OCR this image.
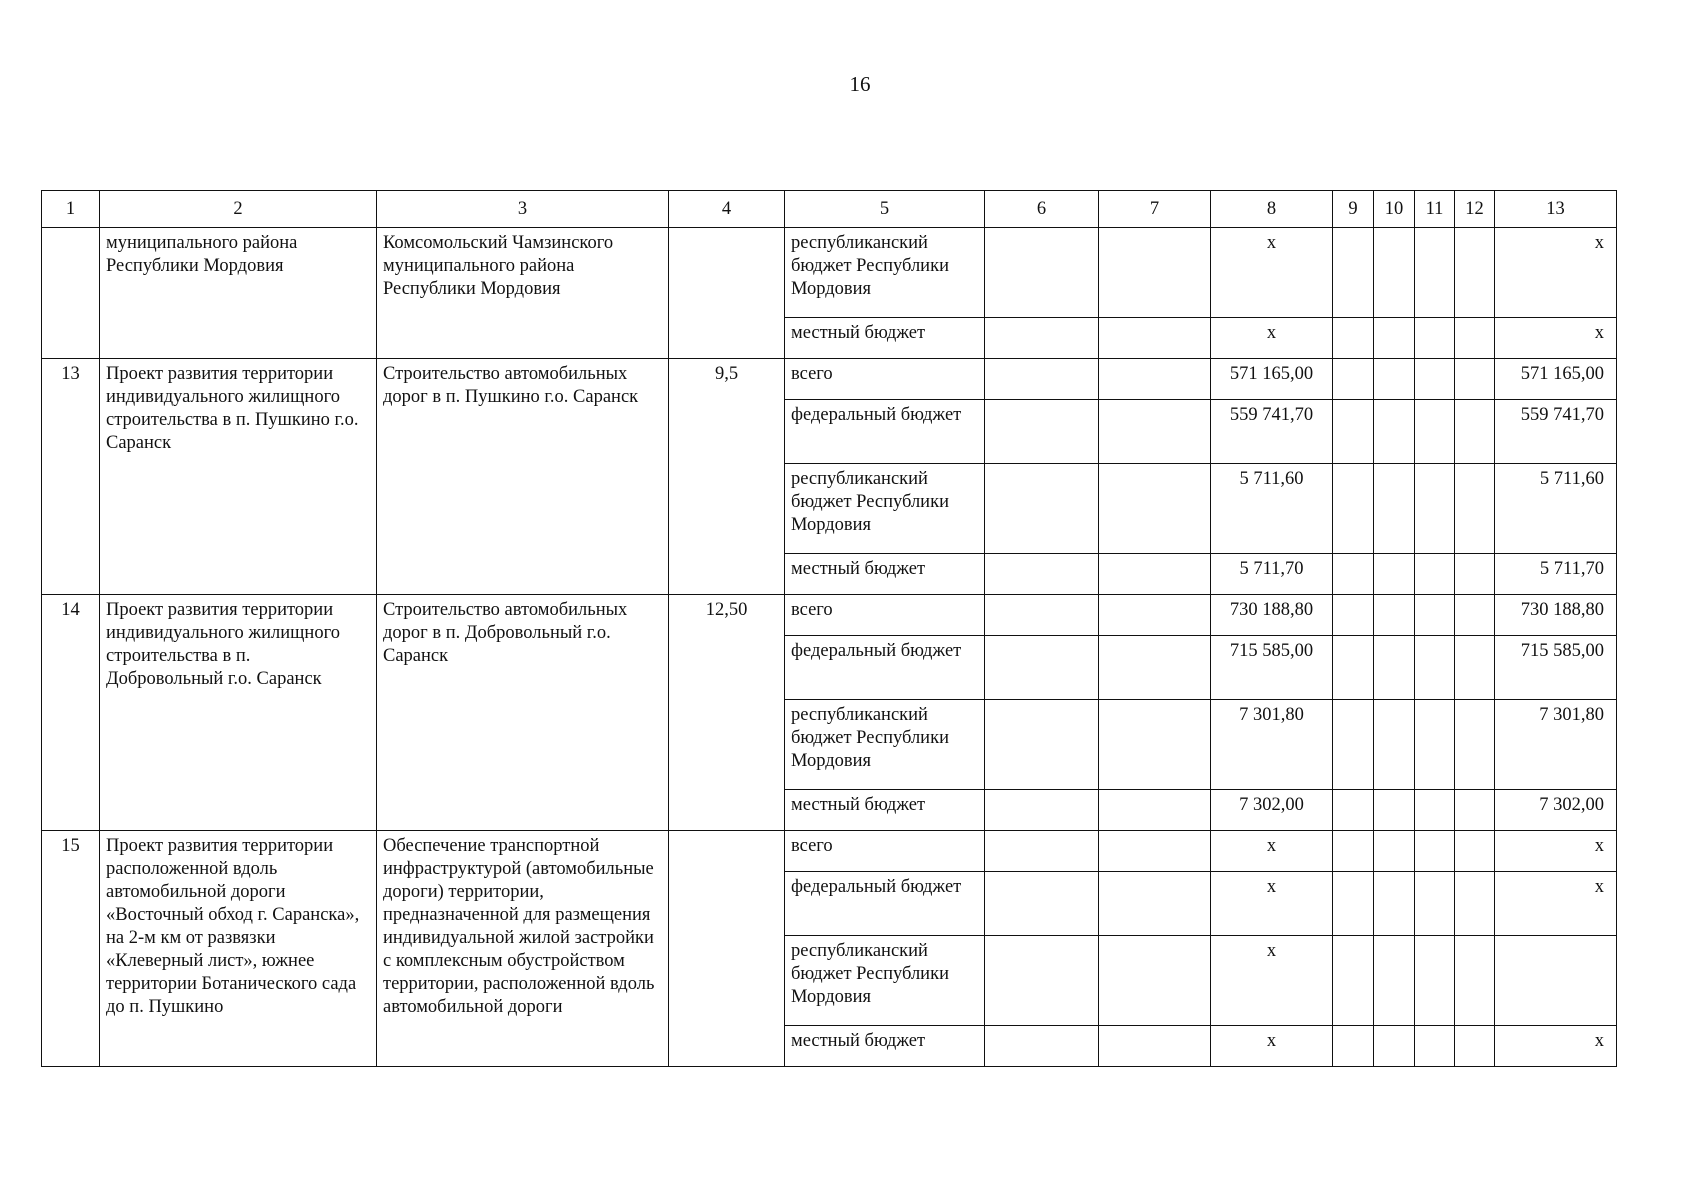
16
1	2	3	4	5	6	7	8	9	10	11	12	13
	муниципального района Республики Мордовия	Комсомольский Чамзинского муниципального района Республики Мордовия		республиканский бюджет Республики Мордовия			x					x
				местный бюджет			x					x
13	Проект развития территории индивидуального жилищного строительства в п. Пушкино г.о. Саранск	Строительство автомобильных дорог в п. Пушкино г.о. Саранск	9,5	всего			571 165,00					571 165,00
				федеральный бюджет			559 741,70					559 741,70
				республиканский бюджет Республики Мордовия			5 711,60					5 711,60
				местный бюджет			5 711,70					5 711,70
14	Проект развития территории индивидуального жилищного строительства в п. Добровольный г.о. Саранск	Строительство автомобильных дорог в п. Добровольный г.о. Саранск	12,50	всего			730 188,80					730 188,80
				федеральный бюджет			715 585,00					715 585,00
				республиканский бюджет Республики Мордовия			7 301,80					7 301,80
				местный бюджет			7 302,00					7 302,00
15	Проект развития территории расположенной вдоль автомобильной дороги «Восточный обход г. Саранска», на 2-м км от развязки «Клеверный лист», южнее территории Ботанического сада до п. Пушкино	Обеспечение транспортной инфраструктурой (автомобильные дороги) территории, предназначенной для размещения индивидуальной жилой застройки с комплексным обустройством территории, расположенной вдоль автомобильной дороги		всего			x					x
				федеральный бюджет			x					x
				республиканский бюджет Республики Мордовия			x					
				местный бюджет			x					x
